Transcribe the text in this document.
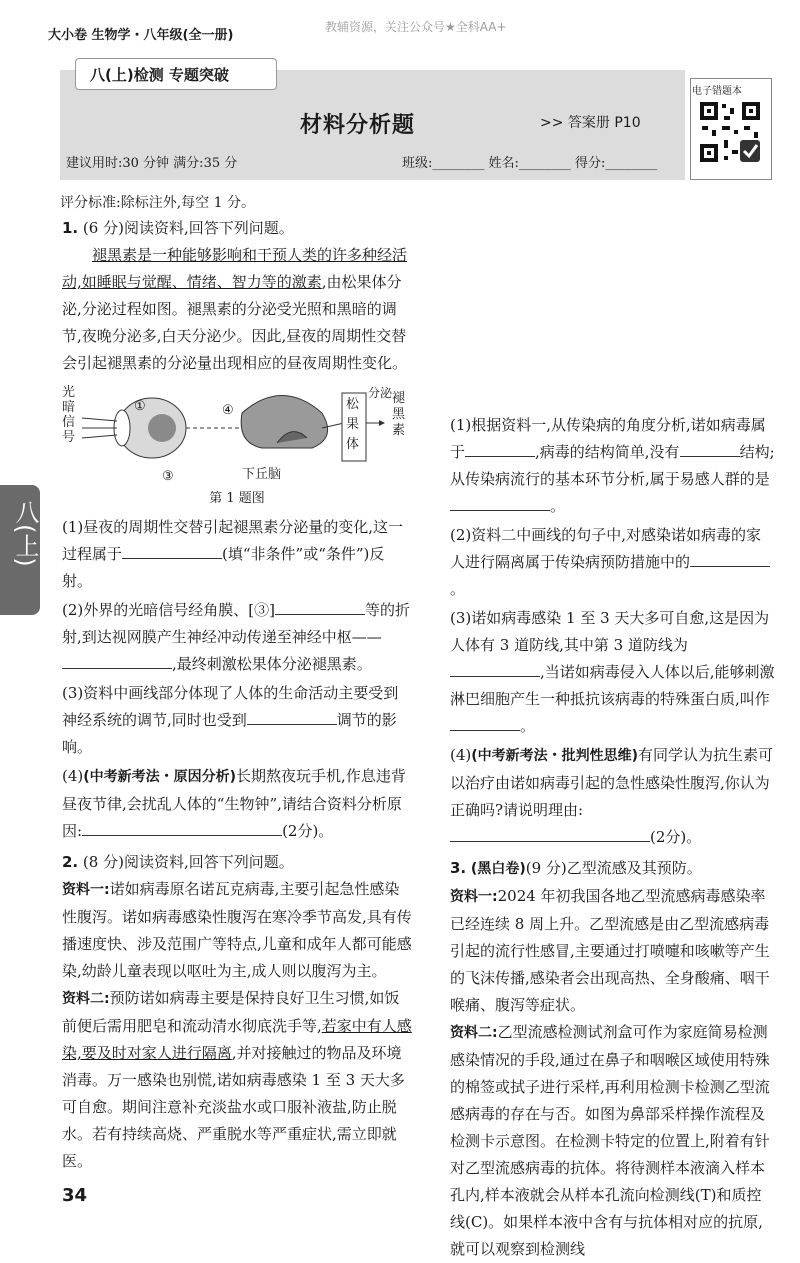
大小卷 生物学・八年级(全一册)
教辅资源，关注公众号★全科AA+
八(上)检测 专题突破
材料分析题	>> 答案册 P10
建议用时:30 分钟 满分:35 分	班级:________ 姓名:________ 得分:________
电子错题本
八(上)
评分标准:除标注外,每空 1 分。

1. (6 分)阅读资料,回答下列问题。

褪黑素是一种能够影响和干预人类的许多种经活动,如睡眠与觉醒、情绪、智力等的激素,由松果体分泌,分泌过程如图。褪黑素的分泌受光照和黑暗的调节,夜晚分泌多,白天分泌少。因此,昼夜的周期性交替会引起褪黑素的分泌量出现相应的昼夜周期性变化。

光暗信号
①	④
③
松果体
分泌 褪黑素
下丘脑
第 1 题图

(1)昼夜的周期性交替引起褪黑素分泌量的变化,这一过程属于	(填“非条件”或“条件”)反射。

(2)外界的光暗信号经角膜、[③]	等的折射,到达视网膜产生神经冲动传递至神经中枢——,最终刺激松果体分泌褪黑素。

(3)资料中画线部分体现了人体的生命活动主要受到神经系统的调节,同时也受到	调节的影响。

(4)(中考新考法・原因分析)长期熬夜玩手机,作息违背昼夜节律,会扰乱人体的“生物钟”,请结合资料分析原因:	(2分)。

2. (8 分)阅读资料,回答下列问题。

资料一:诺如病毒原名诺瓦克病毒,主要引起急性感染性腹泻。诺如病毒感染性腹泻在寒冷季节高发,具有传播速度快、涉及范围广等特点,儿童和成年人都可能感染,幼龄儿童表现以呕吐为主,成人则以腹泻为主。

资料二:预防诺如病毒主要是保持良好卫生习惯,如饭前便后需用肥皂和流动清水彻底洗手等,若家中有人感染,要及时对家人进行隔离,并对接触过的物品及环境消毒。万一感染也别慌,诺如病毒感染 1 至 3 天大多可自愈。期间注意补充淡盐水或口服补液盐,防止脱水。若有持续高烧、严重脱水等严重症状,需立即就医。

(1)根据资料一,从传染病的角度分析,诺如病毒属于	,病毒的结构简单,没有	结构;从传染病流行的基本环节分析,属于易感人群的是。

(2)资料二中画线的句子中,对感染诺如病毒的家人进行隔离属于传染病预防措施中的。

(3)诺如病毒感染 1 至 3 天大多可自愈,这是因为人体有 3 道防线,其中第 3 道防线为,当诺如病毒侵入人体以后,能够刺激淋巴细胞产生一种抵抗该病毒的特殊蛋白质,叫作。

(4)(中考新考法・批判性思维)有同学认为抗生素可以治疗由诺如病毒引起的急性感染性腹泻,你认为正确吗?请说明理由:(2分)。

3. (黑白卷)(9 分)乙型流感及其预防。

资料一:2024 年初我国各地乙型流感病毒感染率已经连续 8 周上升。乙型流感是由乙型流感病毒引起的流行性感冒,主要通过打喷嚏和咳嗽等产生的飞沫传播,感染者会出现高热、全身酸痛、咽干喉痛、腹泻等症状。

资料二:乙型流感检测试剂盒可作为家庭简易检测感染情况的手段,通过在鼻子和咽喉区域使用特殊的棉签或拭子进行采样,再利用检测卡检测乙型流感病毒的存在与否。如图为鼻部采样操作流程及检测卡示意图。在检测卡特定的位置上,附着有针对乙型流感病毒的抗体。将待测样本液滴入样本孔内,样本液就会从样本孔流向检测线(T)和质控线(C)。如果样本液中含有与抗体相对应的抗原,就可以观察到检测线

34
